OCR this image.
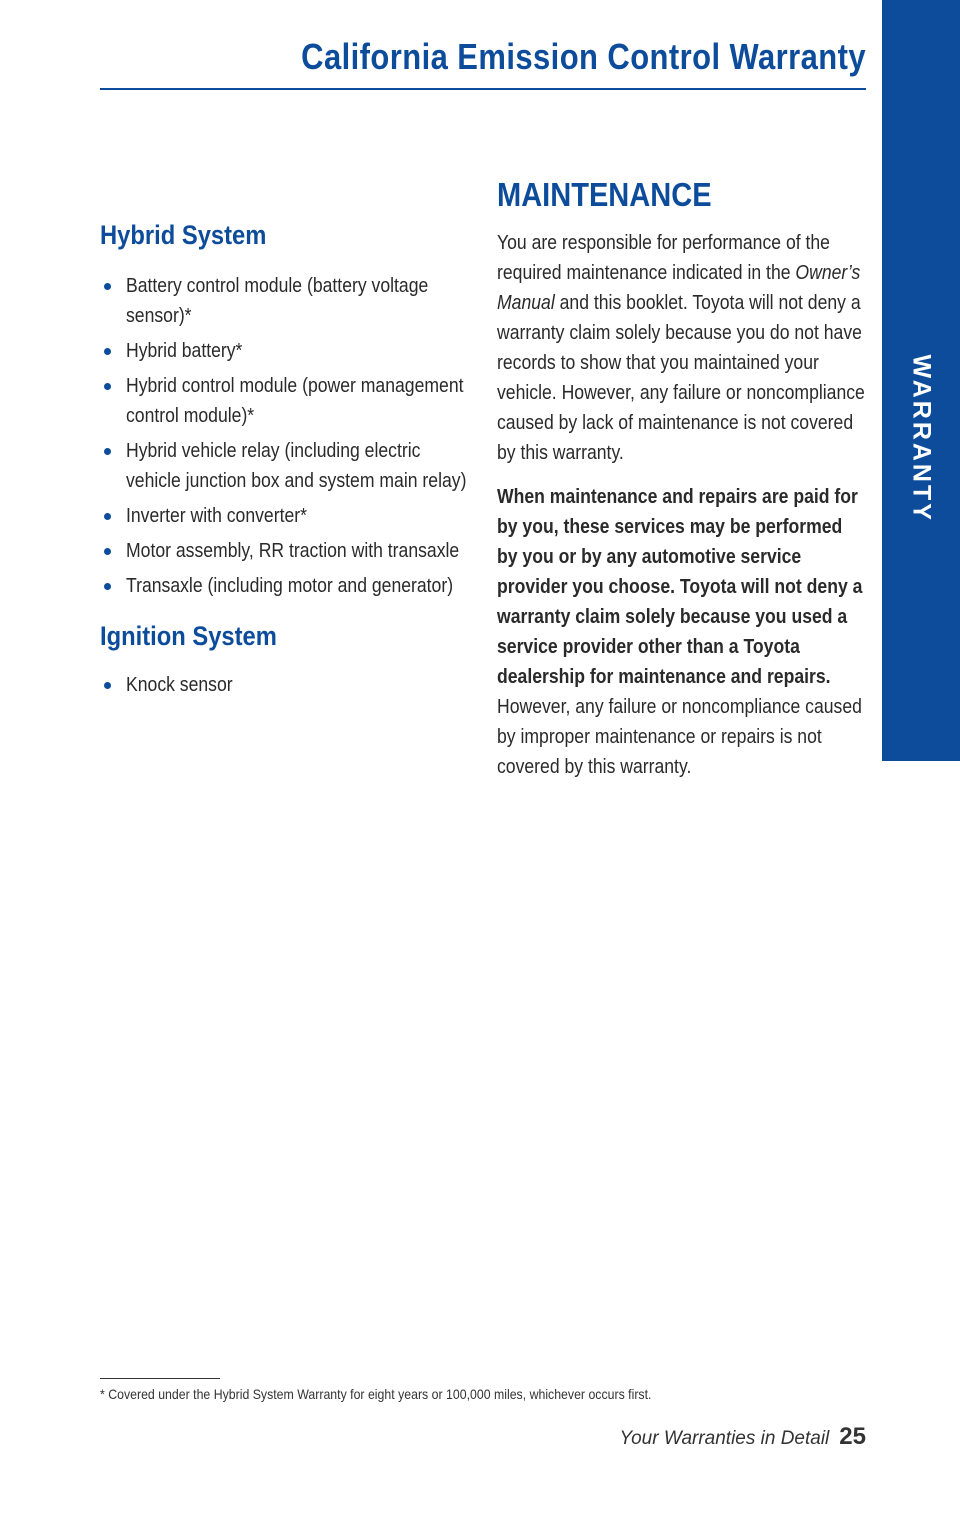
California Emission Control Warranty
Hybrid System
Battery control module (battery voltage sensor)*
Hybrid battery*
Hybrid control module (power management control module)*
Hybrid vehicle relay (including electric vehicle junction box and system main relay)
Inverter with converter*
Motor assembly, RR traction with transaxle
Transaxle (including motor and generator)
Ignition System
Knock sensor
MAINTENANCE

You are responsible for performance of the required maintenance indicated in the Owner’s Manual and this booklet. Toyota will not deny a warranty claim solely because you do not have records to show that you maintained your vehicle. However, any failure or noncompliance caused by lack of maintenance is not covered by this warranty.

When maintenance and repairs are paid for by you, these services may be performed by you or by any automotive service provider you choose. Toyota will not deny a warranty claim solely because you used a service provider other than a Toyota dealership for maintenance and repairs. However, any failure or noncompliance caused by improper maintenance or repairs is not covered by this warranty.

* Covered under the Hybrid System Warranty for eight years or 100,000 miles, whichever occurs first.
Your Warranties in Detail 25
